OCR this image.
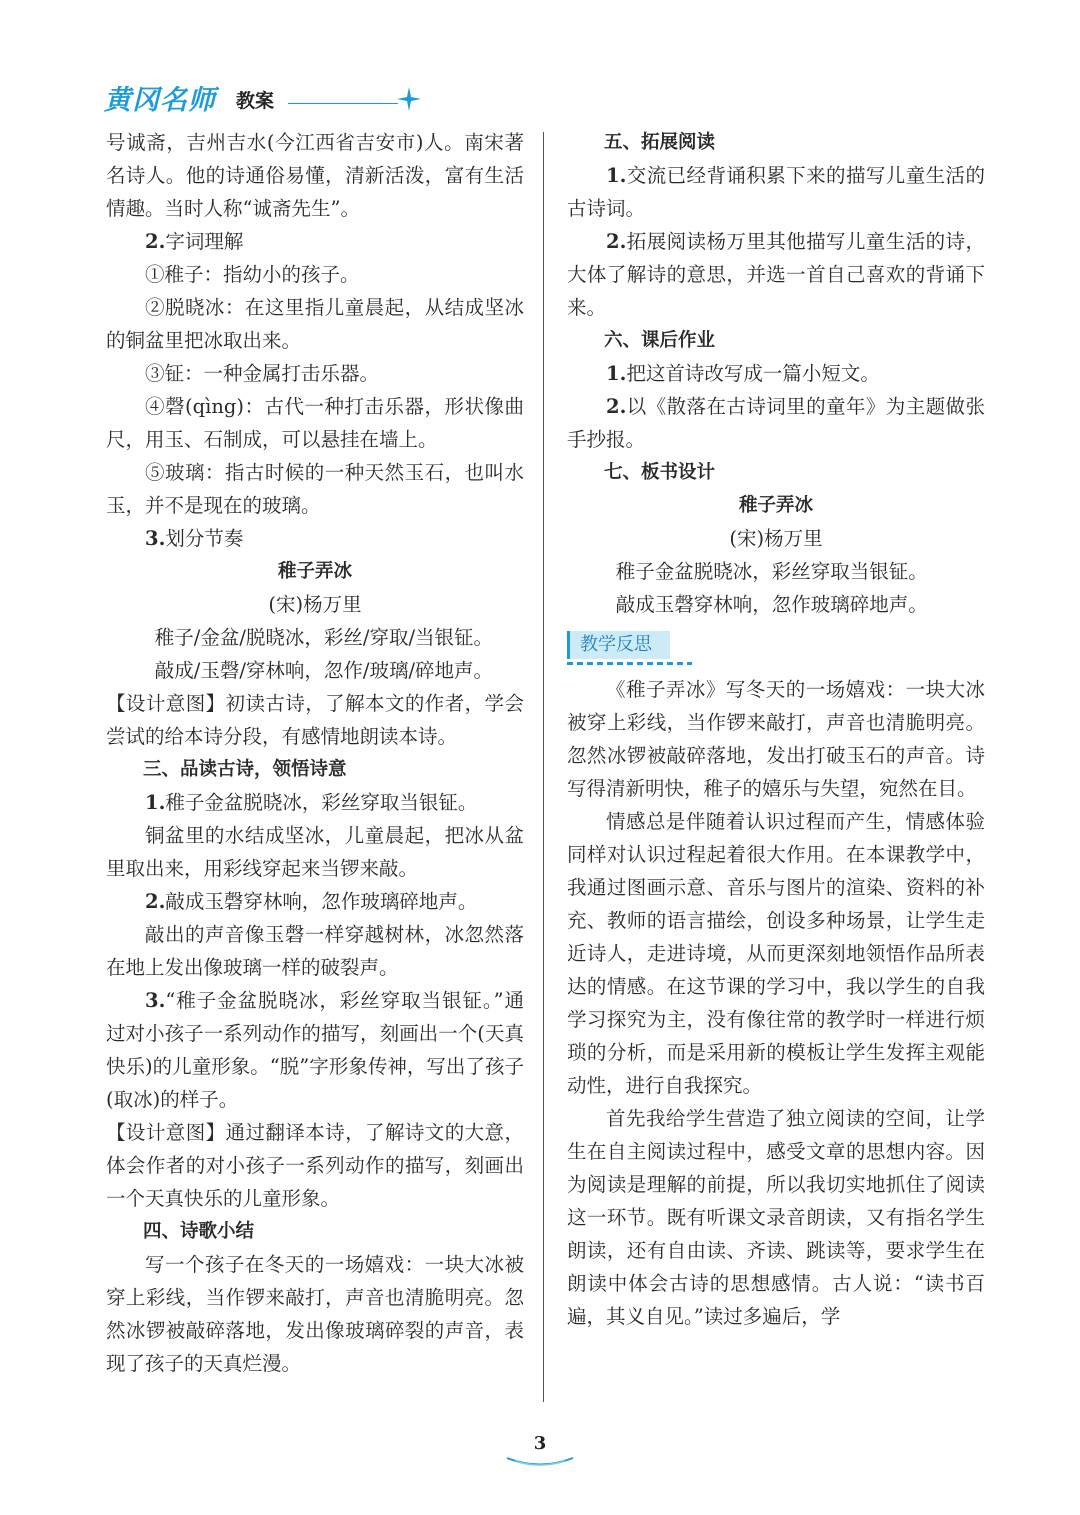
黄冈名师 教案

号诚斋，吉州吉水(今江西省吉安市)人。南宋著名诗人。他的诗通俗易懂，清新活泼，富有生活情趣。当时人称“诚斋先生”。

2.字词理解

①稚子：指幼小的孩子。

②脱晓冰：在这里指儿童晨起，从结成坚冰的铜盆里把冰取出来。

③钲：一种金属打击乐器。

④磬(qìng)：古代一种打击乐器，形状像曲尺，用玉、石制成，可以悬挂在墙上。

⑤玻璃：指古时候的一种天然玉石，也叫水玉，并不是现在的玻璃。

3.划分节奏

稚子弄冰

(宋)杨万里

稚子/金盆/脱晓冰，彩丝/穿取/当银钲。

敲成/玉磬/穿林响，忽作/玻璃/碎地声。

【设计意图】初读古诗，了解本文的作者，学会尝试的给本诗分段，有感情地朗读本诗。

三、品读古诗，领悟诗意

1.稚子金盆脱晓冰，彩丝穿取当银钲。

铜盆里的水结成坚冰，儿童晨起，把冰从盆里取出来，用彩线穿起来当锣来敲。

2.敲成玉磬穿林响，忽作玻璃碎地声。

敲出的声音像玉磬一样穿越树林，冰忽然落在地上发出像玻璃一样的破裂声。

3.“稚子金盆脱晓冰，彩丝穿取当银钲。”通过对小孩子一系列动作的描写，刻画出一个(天真快乐)的儿童形象。“脱”字形象传神，写出了孩子(取冰)的样子。

【设计意图】通过翻译本诗，了解诗文的大意，体会作者的对小孩子一系列动作的描写，刻画出一个天真快乐的儿童形象。

四、诗歌小结

写一个孩子在冬天的一场嬉戏：一块大冰被穿上彩线，当作锣来敲打，声音也清脆明亮。忽然冰锣被敲碎落地，发出像玻璃碎裂的声音，表现了孩子的天真烂漫。

五、拓展阅读

1.交流已经背诵积累下来的描写儿童生活的古诗词。

2.拓展阅读杨万里其他描写儿童生活的诗，大体了解诗的意思，并选一首自己喜欢的背诵下来。

六、课后作业

1.把这首诗改写成一篇小短文。

2.以《散落在古诗词里的童年》为主题做张手抄报。

七、板书设计

稚子弄冰

(宋)杨万里

稚子金盆脱晓冰，彩丝穿取当银钲。

敲成玉磬穿林响，忽作玻璃碎地声。

教学反思

《稚子弄冰》写冬天的一场嬉戏：一块大冰被穿上彩线，当作锣来敲打，声音也清脆明亮。忽然冰锣被敲碎落地，发出打破玉石的声音。诗写得清新明快，稚子的嬉乐与失望，宛然在目。

情感总是伴随着认识过程而产生，情感体验同样对认识过程起着很大作用。在本课教学中，我通过图画示意、音乐与图片的渲染、资料的补充、教师的语言描绘，创设多种场景，让学生走近诗人，走进诗境，从而更深刻地领悟作品所表达的情感。在这节课的学习中，我以学生的自我学习探究为主，没有像往常的教学时一样进行烦琐的分析，而是采用新的模板让学生发挥主观能动性，进行自我探究。

首先我给学生营造了独立阅读的空间，让学生在自主阅读过程中，感受文章的思想内容。因为阅读是理解的前提，所以我切实地抓住了阅读这一环节。既有听课文录音朗读，又有指名学生朗读，还有自由读、齐读、跳读等，要求学生在朗读中体会古诗的思想感情。古人说：“读书百遍，其义自见。”读过多遍后，学

3
